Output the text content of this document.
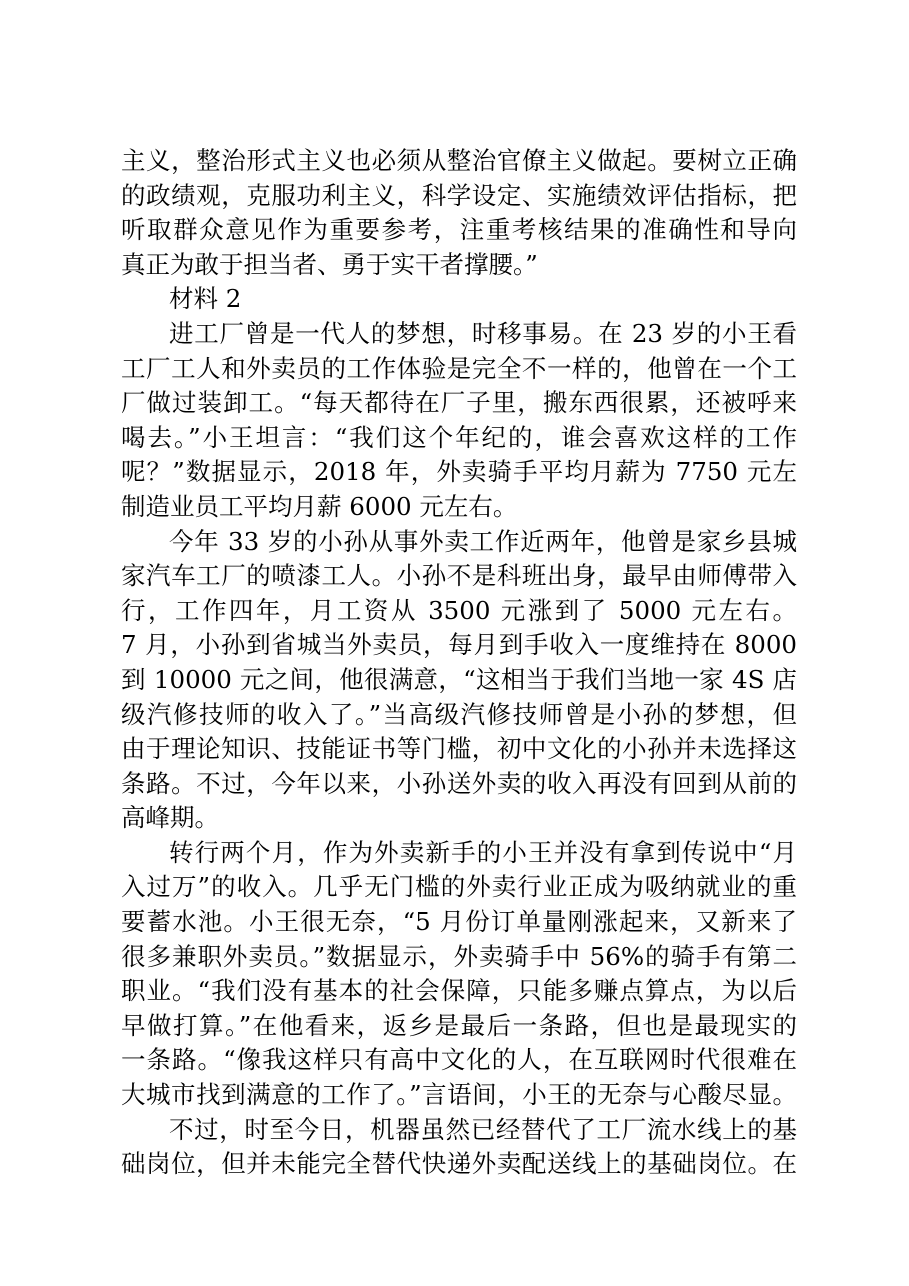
主义，整治形式主义也必须从整治官僚主义做起。要树立正确
的政绩观，克服功利主义，科学设定、实施绩效评估指标，把
听取群众意见作为重要参考，注重考核结果的准确性和导向
真正为敢于担当者、勇于实干者撑腰。”
材料 2
进工厂曾是一代人的梦想，时移事易。在 23 岁的小王看
工厂工人和外卖员的工作体验是完全不一样的，他曾在一个工
厂做过装卸工。“每天都待在厂子里，搬东西很累，还被呼来
喝去。”小王坦言：“我们这个年纪的，谁会喜欢这样的工作
呢？”数据显示，2018 年，外卖骑手平均月薪为 7750 元左
制造业员工平均月薪 6000 元左右。
今年 33 岁的小孙从事外卖工作近两年，他曾是家乡县城
家汽车工厂的喷漆工人。小孙不是科班出身，最早由师傅带入
行，工作四年，月工资从 3500 元涨到了 5000 元左右。
7 月，小孙到省城当外卖员，每月到手收入一度维持在 8000
到 10000 元之间，他很满意，“这相当于我们当地一家 4S 店
级汽修技师的收入了。”当高级汽修技师曾是小孙的梦想，但
由于理论知识、技能证书等门槛，初中文化的小孙并未选择这
条路。不过，今年以来，小孙送外卖的收入再没有回到从前的
高峰期。
转行两个月，作为外卖新手的小王并没有拿到传说中“月
入过万”的收入。几乎无门槛的外卖行业正成为吸纳就业的重
要蓄水池。小王很无奈，“5 月份订单量刚涨起来，又新来了
很多兼职外卖员。”数据显示，外卖骑手中 56%的骑手有第二
职业。“我们没有基本的社会保障，只能多赚点算点，为以后
早做打算。”在他看来，返乡是最后一条路，但也是最现实的
一条路。“像我这样只有高中文化的人，在互联网时代很难在
大城市找到满意的工作了。”言语间，小王的无奈与心酸尽显。
不过，时至今日，机器虽然已经替代了工厂流水线上的基
础岗位，但并未能完全替代快递外卖配送线上的基础岗位。在
